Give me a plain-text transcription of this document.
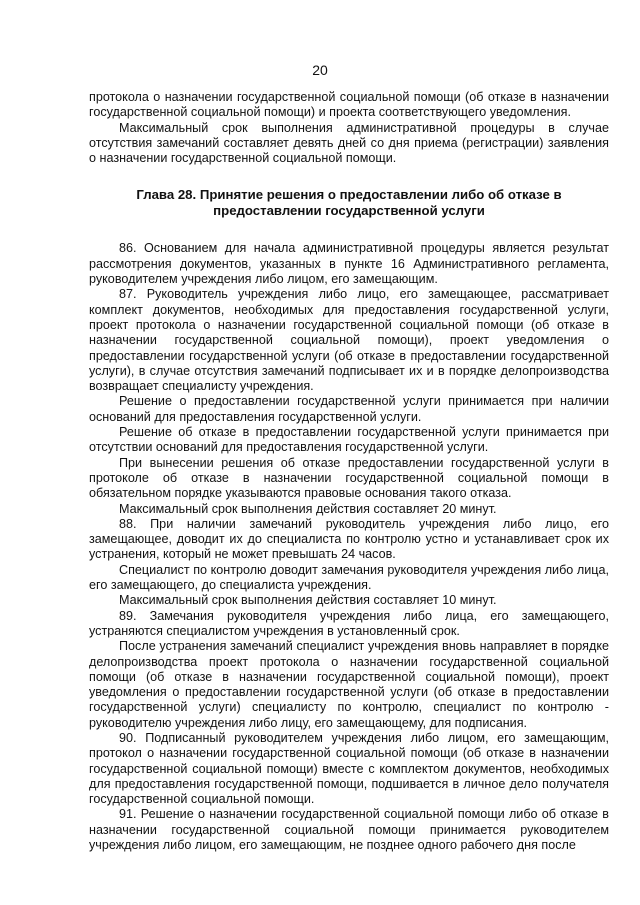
20

протокола о назначении государственной социальной помощи (об отказе в назначении государственной социальной помощи) и проекта соответствующего уведомления.

Максимальный срок выполнения административной процедуры в случае отсутствия замечаний составляет девять дней со дня приема (регистрации) заявления о назначении государственной социальной помощи.

Глава 28. Принятие решения о предоставлении либо об отказе в предоставлении государственной услуги

86. Основанием для начала административной процедуры является результат рассмотрения документов, указанных в пункте 16 Административного регламента, руководителем учреждения либо лицом, его замещающим.

87. Руководитель учреждения либо лицо, его замещающее, рассматривает комплект документов, необходимых для предоставления государственной услуги, проект протокола о назначении государственной социальной помощи (об отказе в назначении государственной социальной помощи), проект уведомления о предоставлении государственной услуги (об отказе в предоставлении государственной услуги), в случае отсутствия замечаний подписывает их и в порядке делопроизводства возвращает специалисту учреждения.

Решение о предоставлении государственной услуги принимается при наличии оснований для предоставления государственной услуги.

Решение об отказе в предоставлении государственной услуги принимается при отсутствии оснований для предоставления государственной услуги.

При вынесении решения об отказе предоставлении государственной услуги в протоколе об отказе в назначении государственной социальной помощи в обязательном порядке указываются правовые основания такого отказа.

Максимальный срок выполнения действия составляет 20 минут.

88. При наличии замечаний руководитель учреждения либо лицо, его замещающее, доводит их до специалиста по контролю устно и устанавливает срок их устранения, который не может превышать 24 часов.

Специалист по контролю доводит замечания руководителя учреждения либо лица, его замещающего, до специалиста учреждения.

Максимальный срок выполнения действия составляет 10 минут.

89. Замечания руководителя учреждения либо лица, его замещающего, устраняются специалистом учреждения в установленный срок.

После устранения замечаний специалист учреждения вновь направляет в порядке делопроизводства проект протокола о назначении государственной социальной помощи (об отказе в назначении государственной социальной помощи), проект уведомления о предоставлении государственной услуги (об отказе в предоставлении государственной услуги) специалисту по контролю, специалист по контролю - руководителю учреждения либо лицу, его замещающему, для подписания.

90. Подписанный руководителем учреждения либо лицом, его замещающим, протокол о назначении государственной социальной помощи (об отказе в назначении государственной социальной помощи) вместе с комплектом документов, необходимых для предоставления государственной помощи, подшивается в личное дело получателя государственной социальной помощи.

91. Решение о назначении государственной социальной помощи либо об отказе в назначении государственной социальной помощи принимается руководителем учреждения либо лицом, его замещающим, не позднее одного рабочего дня после
